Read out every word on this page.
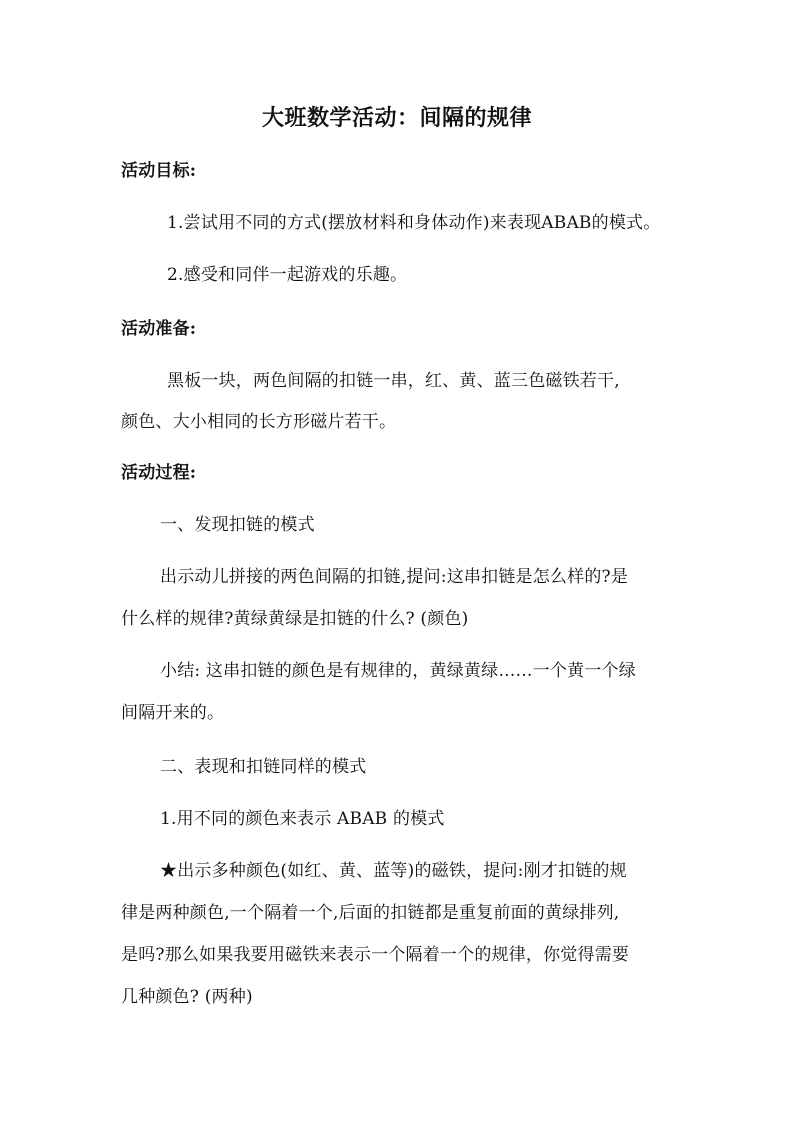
大班数学活动：间隔的规律
活动目标:
1.尝试用不同的方式(摆放材料和身体动作)来表现ABAB的模式。
2.感受和同伴一起游戏的乐趣。
活动准备:
黑板一块，两色间隔的扣链一串，红、黄、蓝三色磁铁若干,
颜色、大小相同的长方形磁片若干。
活动过程:
一、发现扣链的模式
出示动儿拼接的两色间隔的扣链,提问:这串扣链是怎么样的?是
什么样的规律?黄绿黄绿是扣链的什么? (颜色)
小结: 这串扣链的颜色是有规律的，黄绿黄绿……一个黄一个绿
间隔开来的。
二、表现和扣链同样的模式
1.用不同的颜色来表示 ABAB 的模式
★出示多种颜色(如红、黄、蓝等)的磁铁，提问:刚才扣链的规
律是两种颜色,一个隔着一个,后面的扣链都是重复前面的黄绿排列,
是吗?那么如果我要用磁铁来表示一个隔着一个的规律，你觉得需要
几种颜色? (两种)
